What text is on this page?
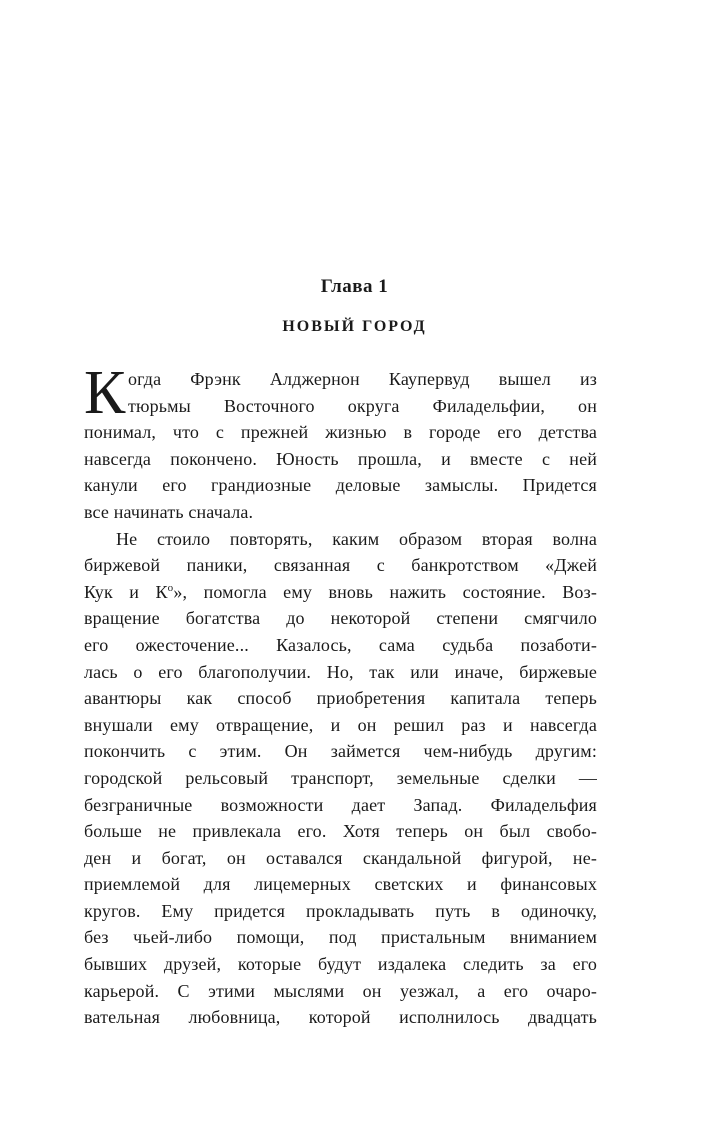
Глава 1
НОВЫЙ ГОРОД
К огда Фрэнк Алджернон Каупервуд вышел из
тюрьмы Восточного округа Филадельфии, он
понимал, что с прежней жизнью в городе его детства
навсегда покончено. Юность прошла, и вместе с ней
канули его грандиозные деловые замыслы. Придется
все начинать сначала.
Не стоило повторять, каким образом вторая волна
биржевой паники, связанная с банкротством «Джей
Кук и $К^о$», помогла ему вновь нажить состояние. Воз-
вращение богатства до некоторой степени смягчило
его ожесточение... Казалось, сама судьба позаботи-
лась о его благополучии. Но, так или иначе, биржевые
авантюры как способ приобретения капитала теперь
внушали ему отвращение, и он решил раз и навсегда
покончить с этим. Он займется чем-нибудь другим:
городской рельсовый транспорт, земельные сделки —
безграничные возможности дает Запад. Филадельфия
больше не привлекала его. Хотя теперь он был свобо-
ден и богат, он оставался скандальной фигурой, не-
приемлемой для лицемерных светских и финансовых
кругов. Ему придется прокладывать путь в одиночку,
без чьей-либо помощи, под пристальным вниманием
бывших друзей, которые будут издалека следить за его
карьерой. С этими мыслями он уезжал, а его очаро-
вательная любовница, которой исполнилось двадцать
